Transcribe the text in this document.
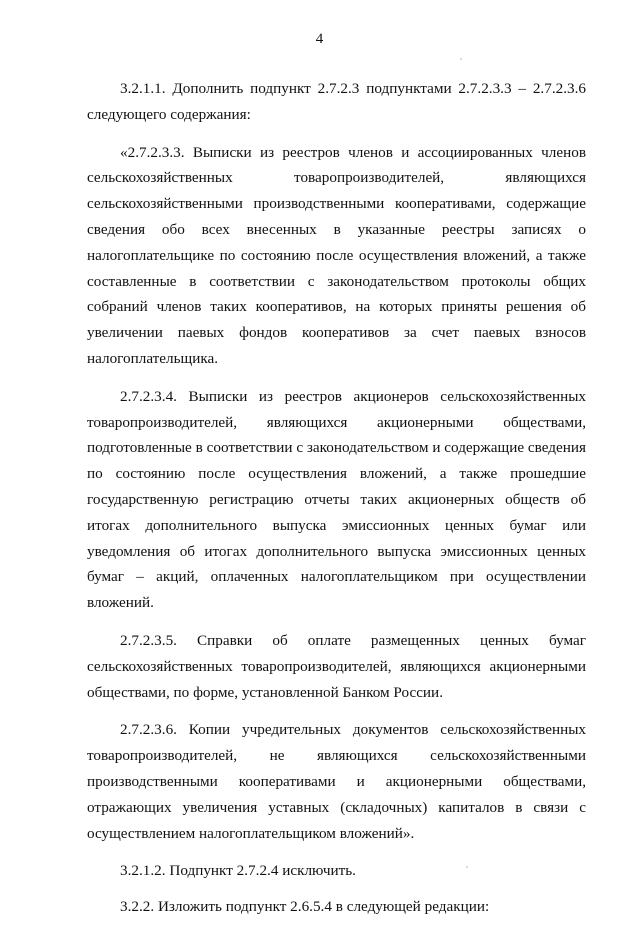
4

3.2.1.1. Дополнить подпункт 2.7.2.3 подпунктами 2.7.2.3.3 – 2.7.2.3.6 следующего содержания:

«2.7.2.3.3. Выписки из реестров членов и ассоциированных членов сельскохозяйственных товаропроизводителей, являющихся сельскохозяйственными производственными кооперативами, содержащие сведения обо всех внесенных в указанные реестры записях о налогоплательщике по состоянию после осуществления вложений, а также составленные в соответствии с законодательством протоколы общих собраний членов таких кооперативов, на которых приняты решения об увеличении паевых фондов кооперативов за счет паевых взносов налогоплательщика.

2.7.2.3.4. Выписки из реестров акционеров сельскохозяйственных товаропроизводителей, являющихся акционерными обществами, подготовленные в соответствии с законодательством и содержащие сведения по состоянию после осуществления вложений, а также прошедшие государственную регистрацию отчеты таких акционерных обществ об итогах дополнительного выпуска эмиссионных ценных бумаг или уведомления об итогах дополнительного выпуска эмиссионных ценных бумаг – акций, оплаченных налогоплательщиком при осуществлении вложений.

2.7.2.3.5. Справки об оплате размещенных ценных бумаг сельскохозяйственных товаропроизводителей, являющихся акционерными обществами, по форме, установленной Банком России.

2.7.2.3.6. Копии учредительных документов сельскохозяйственных товаропроизводителей, не являющихся сельскохозяйственными производственными кооперативами и акционерными обществами, отражающих увеличения уставных (складочных) капиталов в связи с осуществлением налогоплательщиком вложений».

3.2.1.2. Подпункт 2.7.2.4 исключить.

3.2.2. Изложить подпункт 2.6.5.4 в следующей редакции:
